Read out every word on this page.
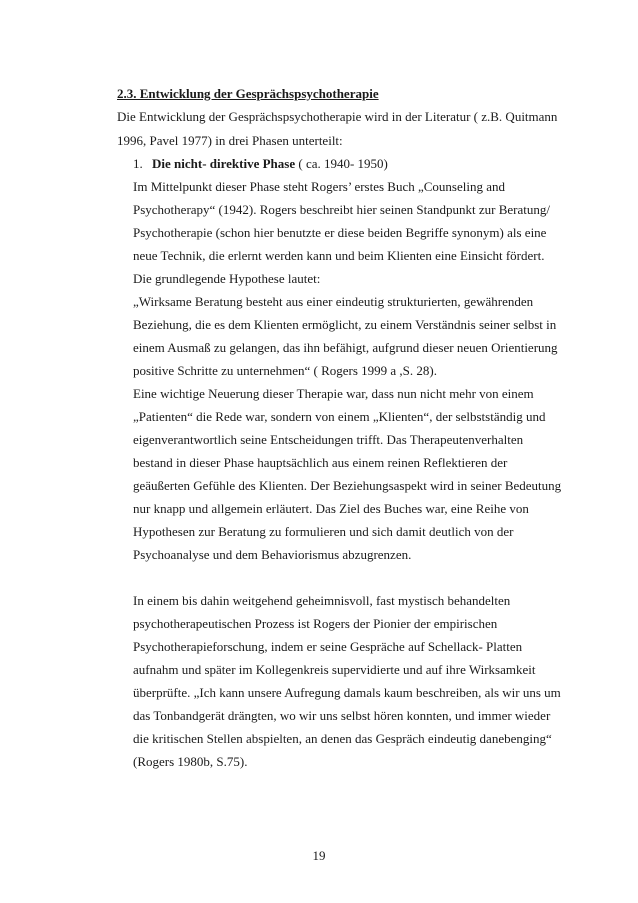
2.3. Entwicklung der Gesprächspsychotherapie
Die Entwicklung der Gesprächspsychotherapie wird in der Literatur ( z.B. Quitmann
1996, Pavel 1977) in drei Phasen unterteilt:
1. Die nicht- direktive Phase ( ca. 1940- 1950)
Im Mittelpunkt dieser Phase steht Rogers’ erstes Buch „Counseling and
Psychotherapy“ (1942). Rogers beschreibt hier seinen Standpunkt zur Beratung/
Psychotherapie (schon hier benutzte er diese beiden Begriffe synonym) als eine
neue Technik, die erlernt werden kann und beim Klienten eine Einsicht fördert.
Die grundlegende Hypothese lautet:
„Wirksame Beratung besteht aus einer eindeutig strukturierten, gewährenden
Beziehung, die es dem Klienten ermöglicht, zu einem Verständnis seiner selbst in
einem Ausmaß zu gelangen, das ihn befähigt, aufgrund dieser neuen Orientierung
positive Schritte zu unternehmen“ ( Rogers 1999 a ,S. 28).
Eine wichtige Neuerung dieser Therapie war, dass nun nicht mehr von einem
„Patienten“ die Rede war, sondern von einem „Klienten“, der selbstständig und
eigenverantwortlich seine Entscheidungen trifft. Das Therapeutenverhalten
bestand in dieser Phase hauptsächlich aus einem reinen Reflektieren der
geäußerten Gefühle des Klienten. Der Beziehungsaspekt wird in seiner Bedeutung
nur knapp und allgemein erläutert. Das Ziel des Buches war, eine Reihe von
Hypothesen zur Beratung zu formulieren und sich damit deutlich von der
Psychoanalyse und dem Behaviorismus abzugrenzen.
In einem bis dahin weitgehend geheimnisvoll, fast mystisch behandelten
psychotherapeutischen Prozess ist Rogers der Pionier der empirischen
Psychotherapieforschung, indem er seine Gespräche auf Schellack- Platten
aufnahm und später im Kollegenkreis supervidierte und auf ihre Wirksamkeit
überprüfte. „Ich kann unsere Aufregung damals kaum beschreiben, als wir uns um
das Tonbandgerät drängten, wo wir uns selbst hören konnten, und immer wieder
die kritischen Stellen abspielten, an denen das Gespräch eindeutig danebenging“
(Rogers 1980b, S.75).
19
